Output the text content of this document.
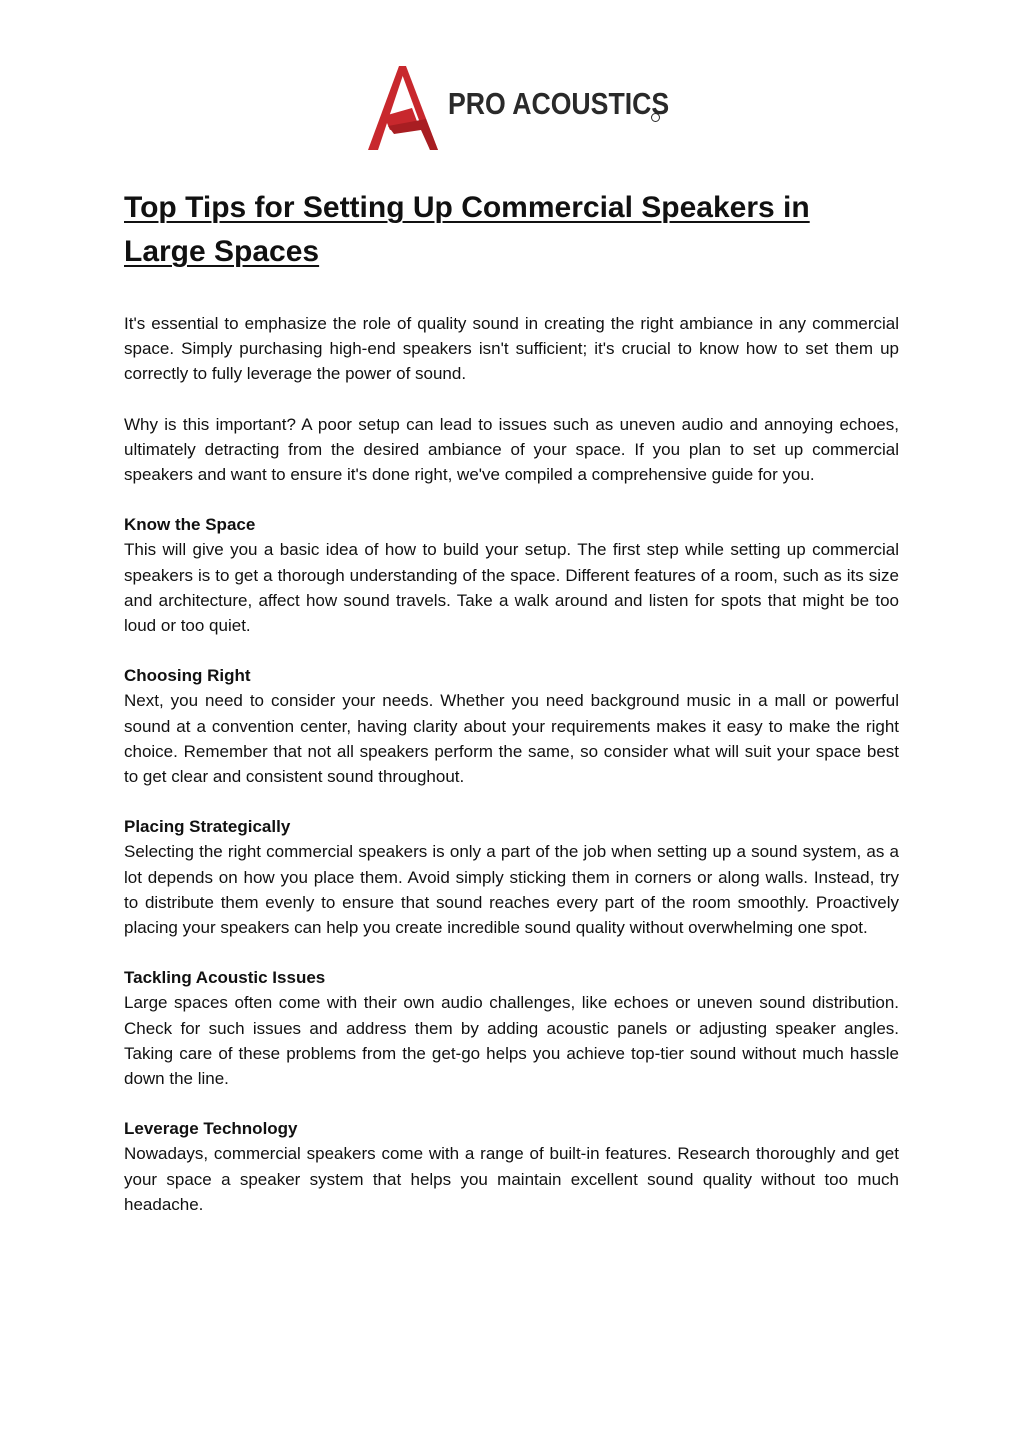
PRO ACOUSTICS
Top Tips for Setting Up Commercial Speakers in Large Spaces

It's essential to emphasize the role of quality sound in creating the right ambiance in any commercial space. Simply purchasing high-end speakers isn't sufficient; it's crucial to know how to set them up correctly to fully leverage the power of sound.

Why is this important? A poor setup can lead to issues such as uneven audio and annoying echoes, ultimately detracting from the desired ambiance of your space. If you plan to set up commercial speakers and want to ensure it's done right, we've compiled a comprehensive guide for you.

Know the Space

This will give you a basic idea of how to build your setup. The first step while setting up commercial speakers is to get a thorough understanding of the space. Different features of a room, such as its size and architecture, affect how sound travels. Take a walk around and listen for spots that might be too loud or too quiet.

Choosing Right

Next, you need to consider your needs. Whether you need background music in a mall or powerful sound at a convention center, having clarity about your requirements makes it easy to make the right choice. Remember that not all speakers perform the same, so consider what will suit your space best to get clear and consistent sound throughout.

Placing Strategically

Selecting the right commercial speakers is only a part of the job when setting up a sound system, as a lot depends on how you place them. Avoid simply sticking them in corners or along walls. Instead, try to distribute them evenly to ensure that sound reaches every part of the room smoothly. Proactively placing your speakers can help you create incredible sound quality without overwhelming one spot.

Tackling Acoustic Issues

Large spaces often come with their own audio challenges, like echoes or uneven sound distribution. Check for such issues and address them by adding acoustic panels or adjusting speaker angles. Taking care of these problems from the get-go helps you achieve top-tier sound without much hassle down the line.

Leverage Technology

Nowadays, commercial speakers come with a range of built-in features. Research thoroughly and get your space a speaker system that helps you maintain excellent sound quality without too much headache.
